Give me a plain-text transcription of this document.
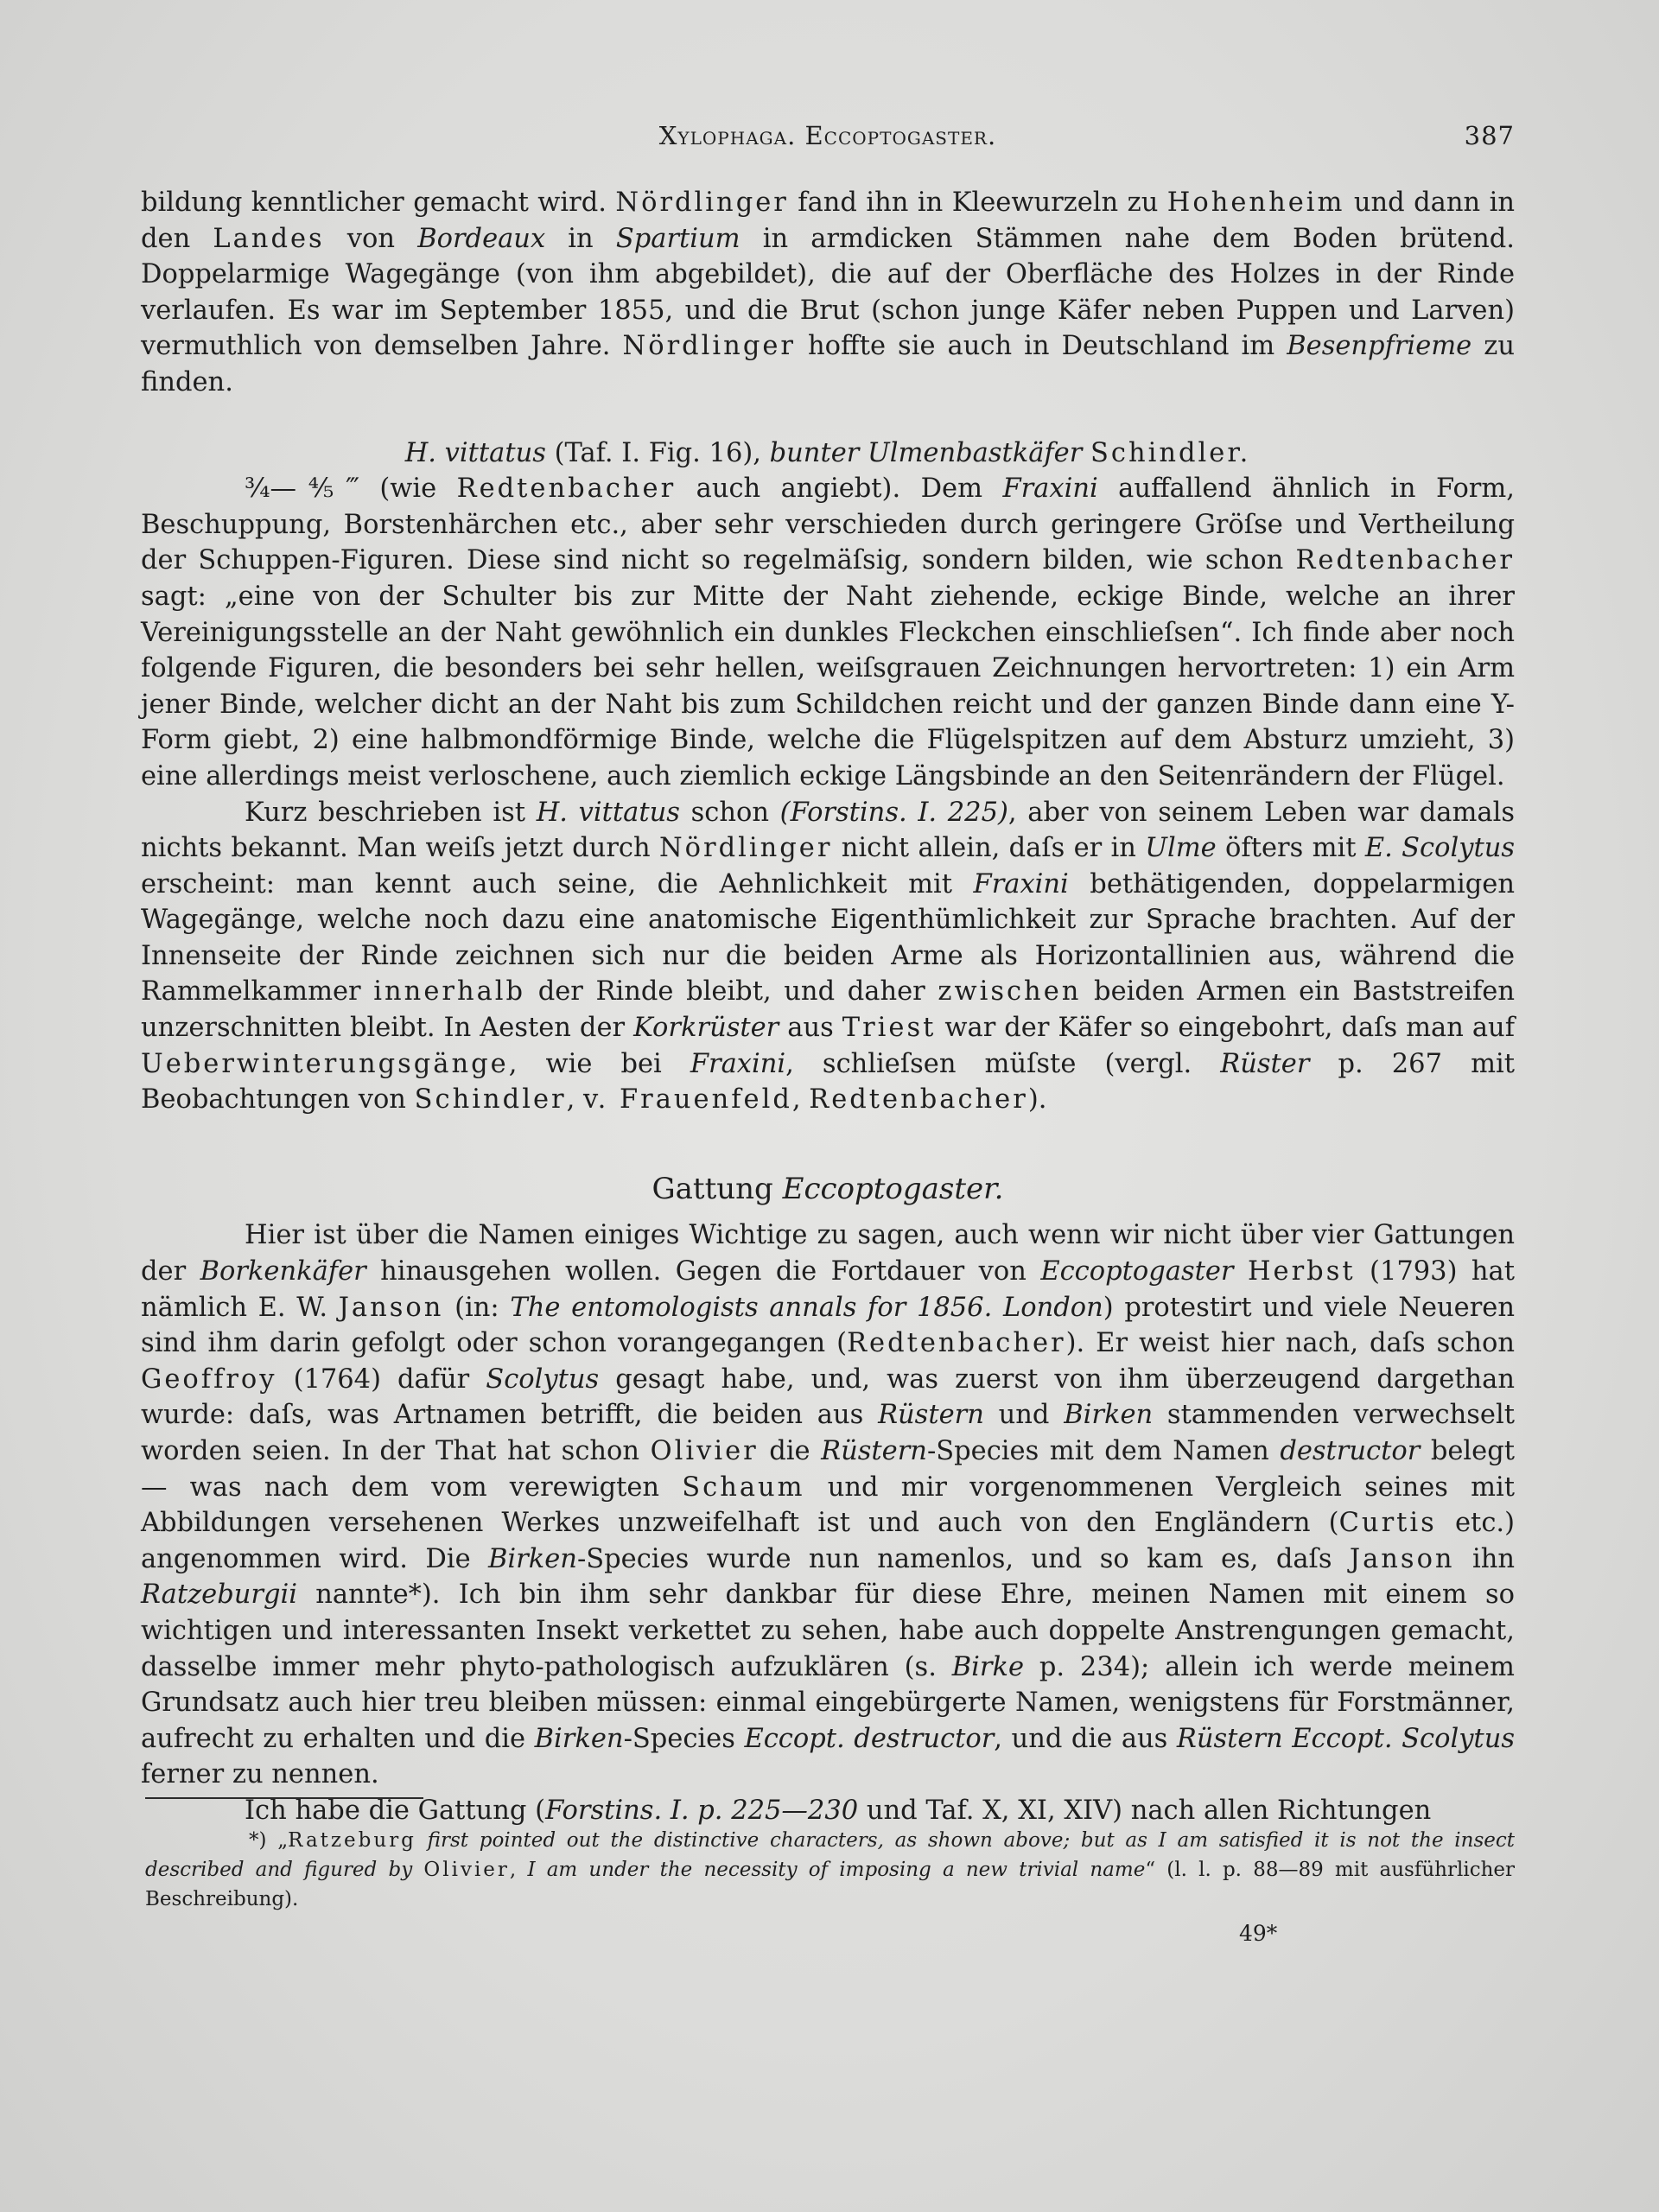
Xylophaga. Eccoptogaster.	387

bildung kenntlicher gemacht wird. Nördlinger fand ihn in Kleewurzeln zu Hohenheim und dann in den Landes von Bordeaux in Spartium in armdicken Stämmen nahe dem Boden brütend. Doppelarmige Wagegänge (von ihm abgebildet), die auf der Oberfläche des Holzes in der Rinde verlaufen. Es war im September 1855, und die Brut (schon junge Käfer neben Puppen und Larven) vermuthlich von demselben Jahre. Nördlinger hoffte sie auch in Deutschland im Besenpfrieme zu finden.

H. vittatus (Taf. I. Fig. 16), bunter Ulmenbastkäfer Schindler.

¾—⅘‴ (wie Redtenbacher auch angiebt). Dem Fraxini auffallend ähnlich in Form, Beschuppung, Borstenhärchen etc., aber sehr verschieden durch geringere Gröſse und Vertheilung der Schuppen-Figuren. Diese sind nicht so regelmäſsig, sondern bilden, wie schon Redtenbacher sagt: „eine von der Schulter bis zur Mitte der Naht ziehende, eckige Binde, welche an ihrer Vereinigungsstelle an der Naht gewöhnlich ein dunkles Fleckchen einschlieſsen“. Ich finde aber noch folgende Figuren, die besonders bei sehr hellen, weiſsgrauen Zeichnungen hervortreten: 1) ein Arm jener Binde, welcher dicht an der Naht bis zum Schildchen reicht und der ganzen Binde dann eine Y-Form giebt, 2) eine halbmondförmige Binde, welche die Flügelspitzen auf dem Absturz umzieht, 3) eine allerdings meist verloschene, auch ziemlich eckige Längsbinde an den Seitenrändern der Flügel.

Kurz beschrieben ist H. vittatus schon (Forstins. I. 225), aber von seinem Leben war damals nichts bekannt. Man weiſs jetzt durch Nördlinger nicht allein, daſs er in Ulme öfters mit E. Scolytus erscheint: man kennt auch seine, die Aehnlichkeit mit Fraxini bethätigenden, doppelarmigen Wagegänge, welche noch dazu eine anatomische Eigenthümlichkeit zur Sprache brachten. Auf der Innenseite der Rinde zeichnen sich nur die beiden Arme als Horizontallinien aus, während die Rammelkammer innerhalb der Rinde bleibt, und daher zwischen beiden Armen ein Baststreifen unzerschnitten bleibt. In Aesten der Korkrüster aus Triest war der Käfer so eingebohrt, daſs man auf Ueberwinterungsgänge, wie bei Fraxini, schlieſsen müſste (vergl. Rüster p. 267 mit Beobachtungen von Schindler, v. Frauenfeld, Redtenbacher).

Gattung Eccoptogaster.

Hier ist über die Namen einiges Wichtige zu sagen, auch wenn wir nicht über vier Gattungen der Borkenkäfer hinausgehen wollen. Gegen die Fortdauer von Eccoptogaster Herbst (1793) hat nämlich E. W. Janson (in: The entomologists annals for 1856. London) protestirt und viele Neueren sind ihm darin gefolgt oder schon vorangegangen (Redtenbacher). Er weist hier nach, daſs schon Geoffroy (1764) dafür Scolytus gesagt habe, und, was zuerst von ihm überzeugend dargethan wurde: daſs, was Artnamen betrifft, die beiden aus Rüstern und Birken stammenden verwechselt worden seien. In der That hat schon Olivier die Rüstern-Species mit dem Namen destructor belegt — was nach dem vom verewigten Schaum und mir vorgenommenen Vergleich seines mit Abbildungen versehenen Werkes unzweifelhaft ist und auch von den Engländern (Curtis etc.) angenommen wird. Die Birken-Species wurde nun namenlos, und so kam es, daſs Janson ihn Ratzeburgii nannte*). Ich bin ihm sehr dankbar für diese Ehre, meinen Namen mit einem so wichtigen und interessanten Insekt verkettet zu sehen, habe auch doppelte Anstrengungen gemacht, dasselbe immer mehr phyto-pathologisch aufzuklären (s. Birke p. 234); allein ich werde meinem Grundsatz auch hier treu bleiben müssen: einmal eingebürgerte Namen, wenigstens für Forstmänner, aufrecht zu erhalten und die Birken-Species Eccopt. destructor, und die aus Rüstern Eccopt. Scolytus ferner zu nennen.

Ich habe die Gattung (Forstins. I. p. 225—230 und Taf. X, XI, XIV) nach allen Richtungen

*) „Ratzeburg first pointed out the distinctive characters, as shown above; but as I am satisfied it is not the insect described and figured by Olivier, I am under the necessity of imposing a new trivial name“ (l. l. p. 88—89 mit ausführlicher Beschreibung).

49*
